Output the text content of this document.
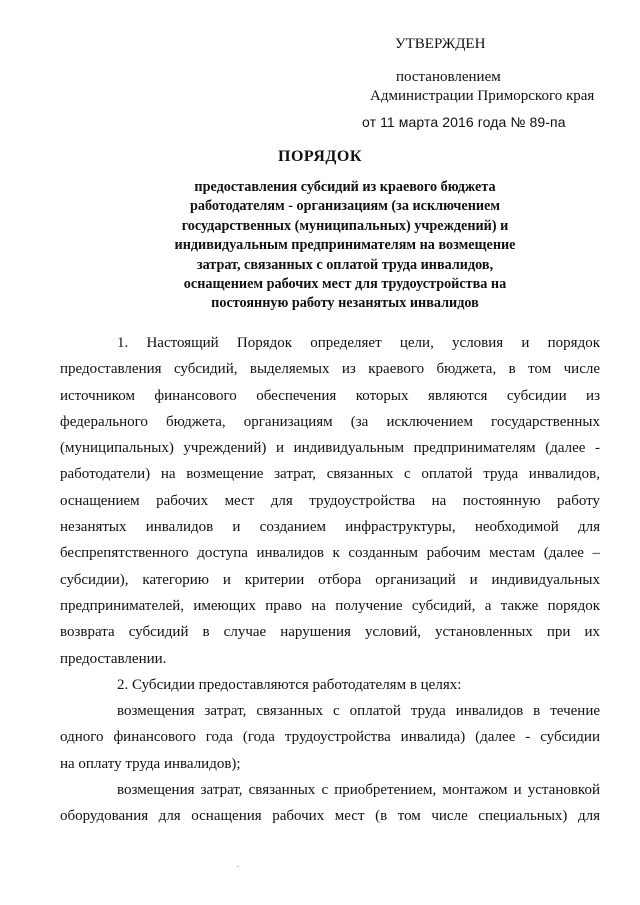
УТВЕРЖДЕН
постановлением
Администрации Приморского края
от 11 марта 2016 года № 89-па
ПОРЯДОК
предоставления субсидий из краевого бюджета
работодателям - организациям (за исключением
государственных (муниципальных) учреждений) и
индивидуальным предпринимателям на возмещение
затрат, связанных с оплатой труда инвалидов,
оснащением рабочих мест для трудоустройства на
постоянную работу незанятых инвалидов
1. Настоящий Порядок определяет цели, условия и порядок
предоставления субсидий, выделяемых из краевого бюджета, в том числе
источником финансового обеспечения которых являются субсидии из
федерального бюджета, организациям (за исключением государственных
(муниципальных) учреждений) и индивидуальным предпринимателям (далее -
работодатели) на возмещение затрат, связанных с оплатой труда инвалидов,
оснащением рабочих мест для трудоустройства на постоянную работу
незанятых инвалидов и созданием инфраструктуры, необходимой для
беспрепятственного доступа инвалидов к созданным рабочим местам (далее –
субсидии), категорию и критерии отбора организаций и индивидуальных
предпринимателей, имеющих право на получение субсидий, а также порядок
возврата субсидий в случае нарушения условий, установленных при их
предоставлении.
2. Субсидии предоставляются работодателям в целях:
возмещения затрат, связанных с оплатой труда инвалидов в течение
одного финансового года (года трудоустройства инвалида) (далее - субсидии
на оплату труда инвалидов);
возмещения затрат, связанных с приобретением, монтажом и установкой
оборудования для оснащения рабочих мест (в том числе специальных) для
